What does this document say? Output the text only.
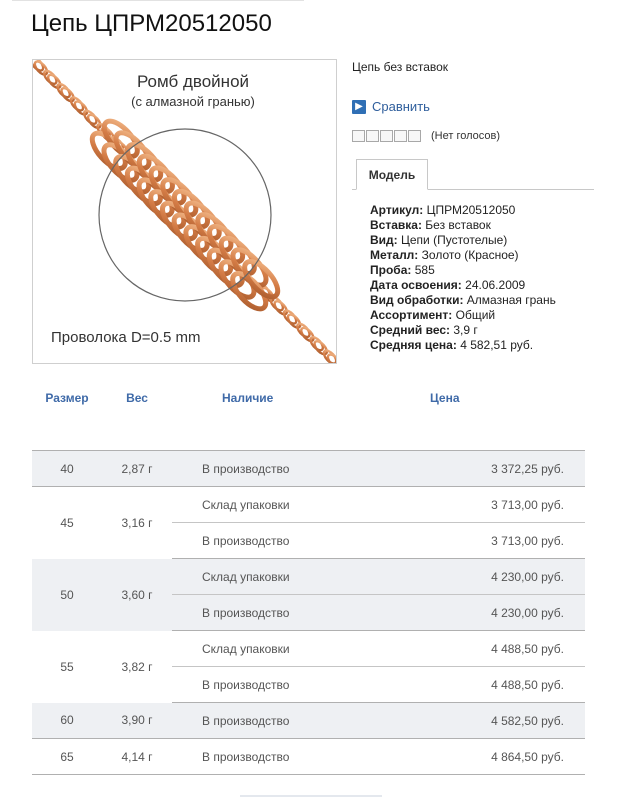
Цепь ЦПРМ20512050
Ромб двойной
(с алмазной гранью)
Проволока D=0.5 mm
Цепь без вставок
▶ Сравнить
(Нет голосов)
Модель
Артикул: ЦПРМ20512050
Вставка: Без вставок
Вид: Цепи (Пустотелые)
Металл: Золото (Красное)
Проба: 585
Дата освоения: 24.06.2009
Вид обработки: Алмазная грань
Ассортимент: Общий
Средний вес: 3,9 г
Средняя цена: 4 582,51 руб.
Размер	Вес	Наличие	Цена	

40	2,87 г	В производство	3 372,25 руб.	
45	3,16 г	Склад упаковки	3 713,00 руб.	
		В производство	3 713,00 руб.	
50	3,60 г	Склад упаковки	4 230,00 руб.	
		В производство	4 230,00 руб.	
55	3,82 г	Склад упаковки	4 488,50 руб.	
		В производство	4 488,50 руб.	
60	3,90 г	В производство	4 582,50 руб.	
65	4,14 г	В производство	4 864,50 руб.	
